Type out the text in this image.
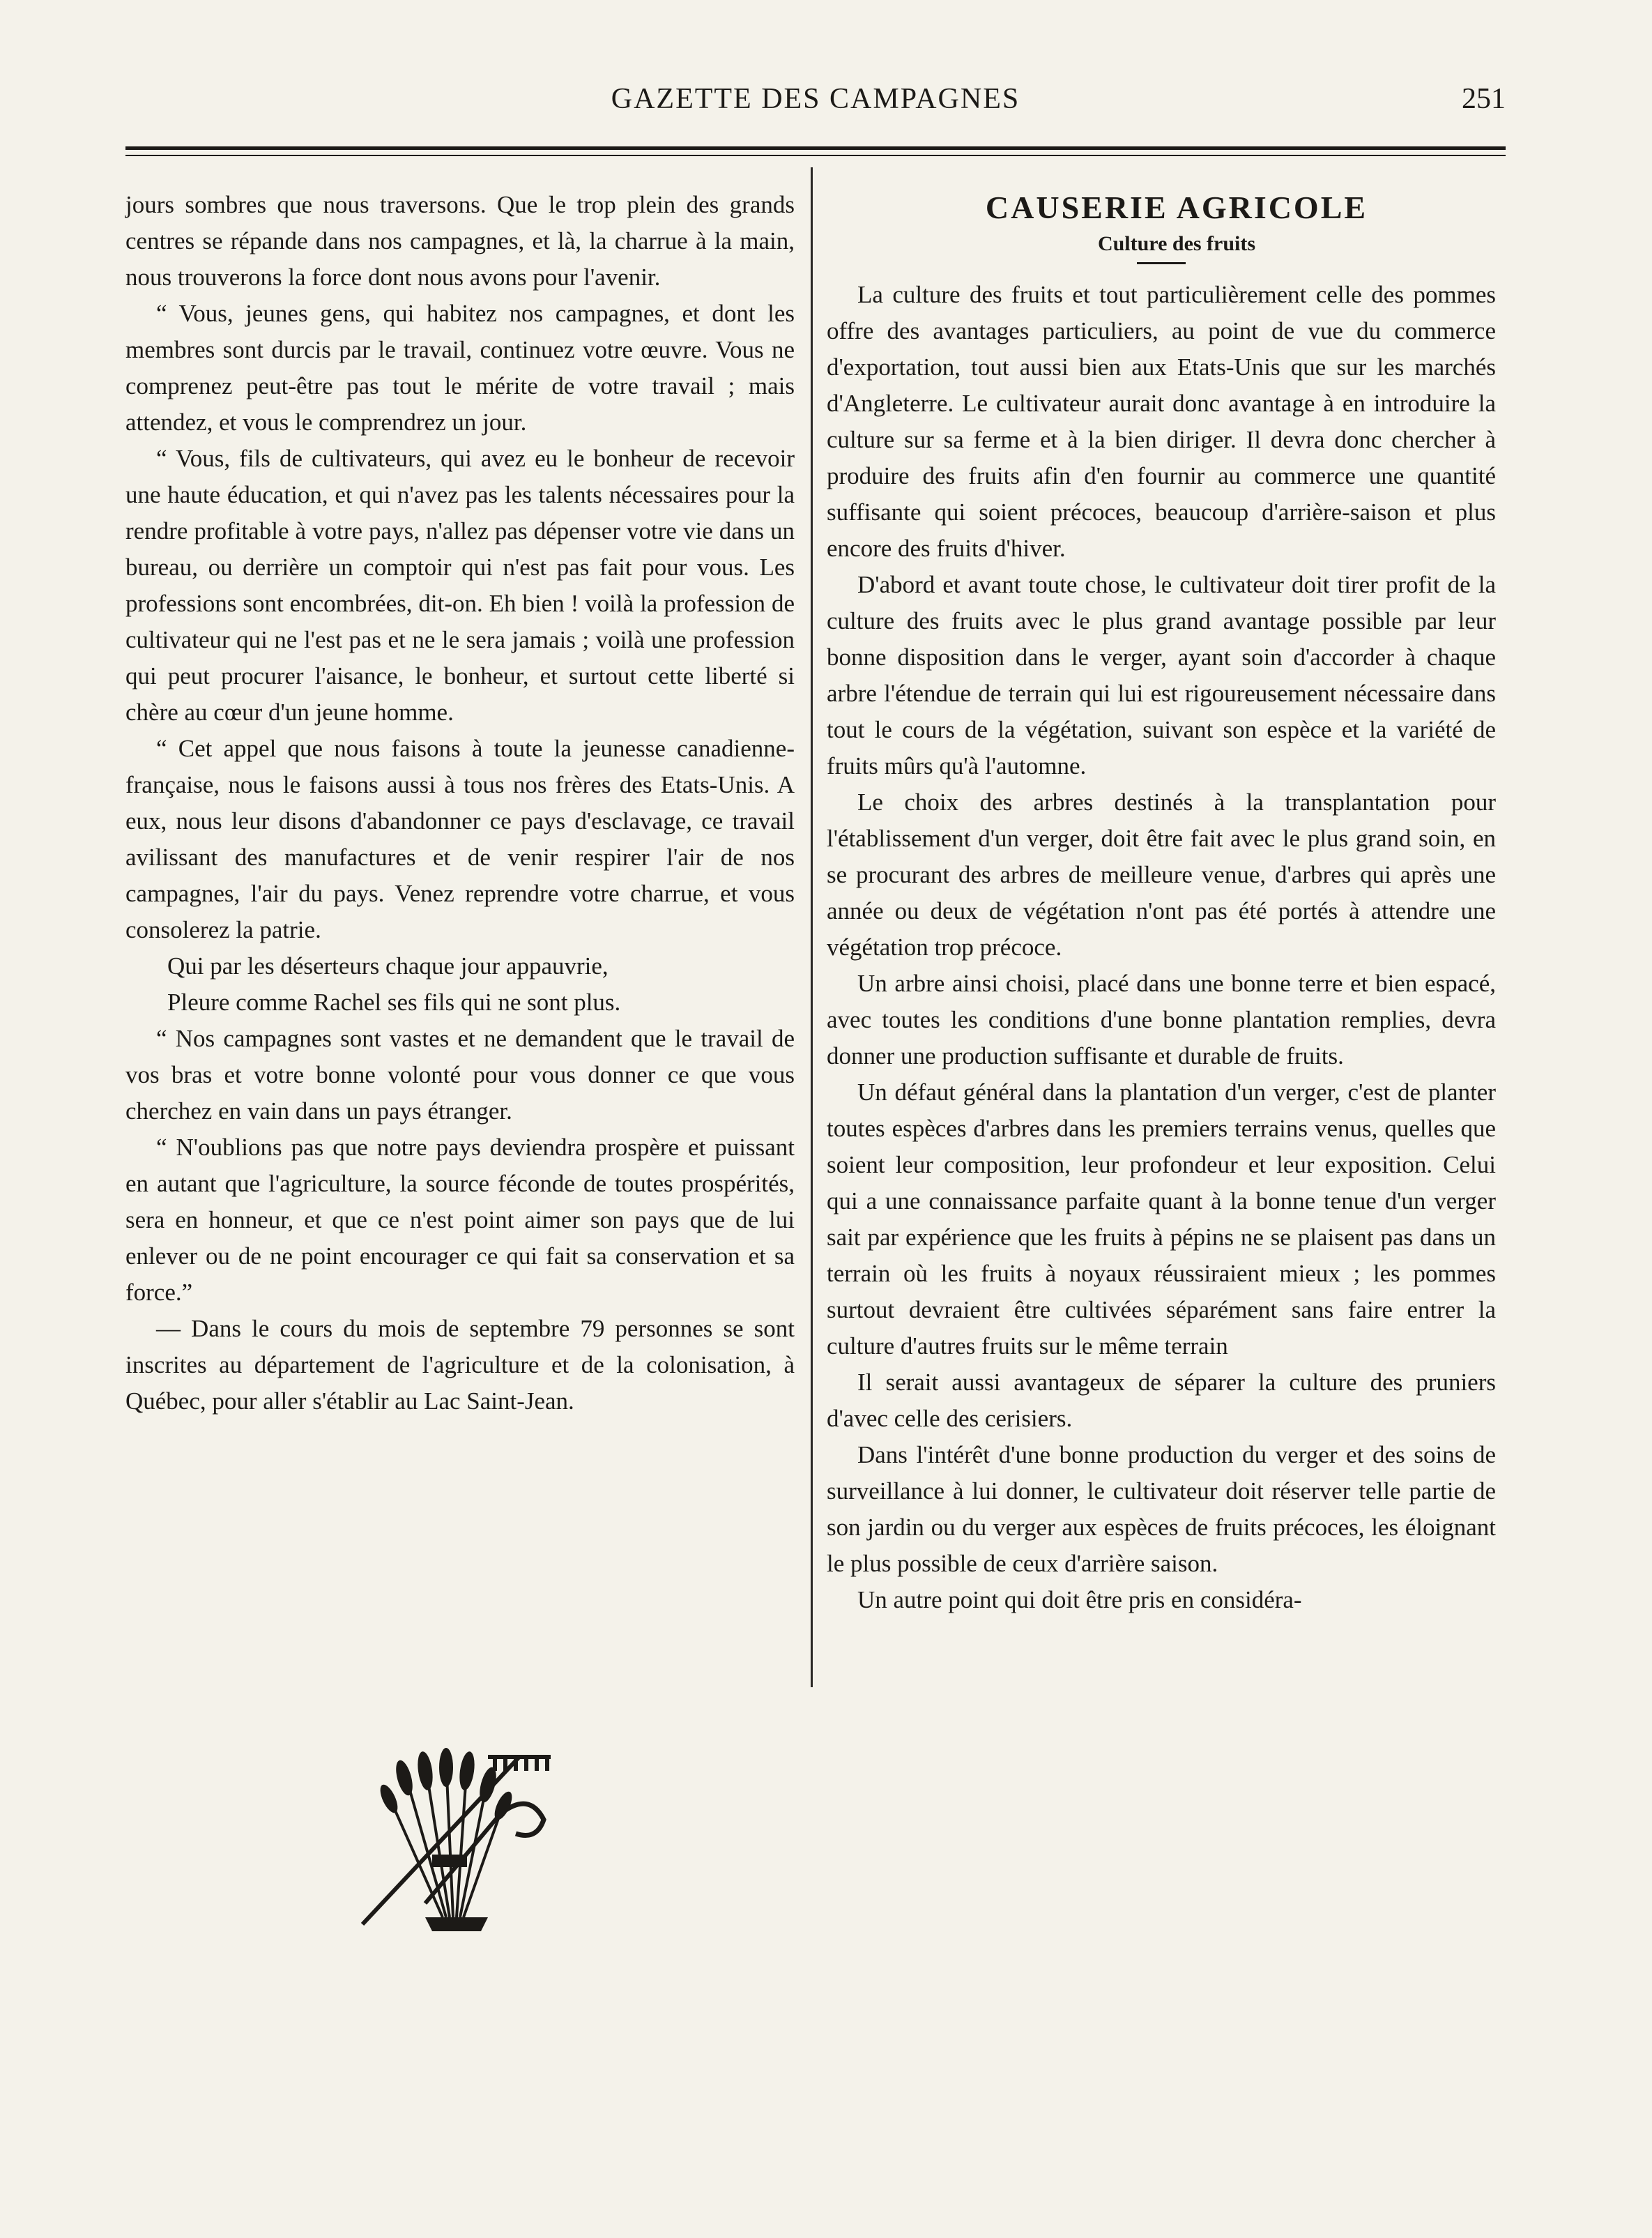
GAZETTE DES CAMPAGNES	251

jours sombres que nous traversons. Que le trop plein des grands centres se répande dans nos campagnes, et là, la charrue à la main, nous trouverons la force dont nous avons pour l'avenir.

“ Vous, jeunes gens, qui habitez nos campagnes, et dont les membres sont durcis par le travail, continuez votre œuvre. Vous ne comprenez peut-être pas tout le mérite de votre travail ; mais attendez, et vous le comprendrez un jour.

“ Vous, fils de cultivateurs, qui avez eu le bonheur de recevoir une haute éducation, et qui n'avez pas les talents nécessaires pour la rendre profitable à votre pays, n'allez pas dépenser votre vie dans un bureau, ou derrière un comptoir qui n'est pas fait pour vous. Les professions sont encombrées, dit-on. Eh bien ! voilà la profession de cultivateur qui ne l'est pas et ne le sera jamais ; voilà une profession qui peut procurer l'aisance, le bonheur, et surtout cette liberté si chère au cœur d'un jeune homme.

“ Cet appel que nous faisons à toute la jeunesse canadienne-française, nous le faisons aussi à tous nos frères des Etats-Unis. A eux, nous leur disons d'abandonner ce pays d'esclavage, ce travail avilissant des manufactures et de venir respirer l'air de nos campagnes, l'air du pays. Venez reprendre votre charrue, et vous consolerez la patrie.

Qui par les déserteurs chaque jour appauvrie,

Pleure comme Rachel ses fils qui ne sont plus.

“ Nos campagnes sont vastes et ne demandent que le travail de vos bras et votre bonne volonté pour vous donner ce que vous cherchez en vain dans un pays étranger.

“ N'oublions pas que notre pays deviendra prospère et puissant en autant que l'agriculture, la source féconde de toutes prospérités, sera en honneur, et que ce n'est point aimer son pays que de lui enlever ou de ne point encourager ce qui fait sa conservation et sa force.”

— Dans le cours du mois de septembre 79 personnes se sont inscrites au département de l'agriculture et de la colonisation, à Québec, pour aller s'établir au Lac Saint-Jean.

CAUSERIE AGRICOLE

Culture des fruits

La culture des fruits et tout particulièrement celle des pommes offre des avantages particuliers, au point de vue du commerce d'exportation, tout aussi bien aux Etats-Unis que sur les marchés d'Angleterre. Le cultivateur aurait donc avantage à en introduire la culture sur sa ferme et à la bien diriger. Il devra donc chercher à produire des fruits afin d'en fournir au commerce une quantité suffisante qui soient précoces, beaucoup d'arrière-saison et plus encore des fruits d'hiver.

D'abord et avant toute chose, le cultivateur doit tirer profit de la culture des fruits avec le plus grand avantage possible par leur bonne disposition dans le verger, ayant soin d'accorder à chaque arbre l'étendue de terrain qui lui est rigoureusement nécessaire dans tout le cours de la végétation, suivant son espèce et la variété de fruits mûrs qu'à l'automne.

Le choix des arbres destinés à la transplantation pour l'établissement d'un verger, doit être fait avec le plus grand soin, en se procurant des arbres de meilleure venue, d'arbres qui après une année ou deux de végétation n'ont pas été portés à attendre une végétation trop précoce.

Un arbre ainsi choisi, placé dans une bonne terre et bien espacé, avec toutes les conditions d'une bonne plantation remplies, devra donner une production suffisante et durable de fruits.

Un défaut général dans la plantation d'un verger, c'est de planter toutes espèces d'arbres dans les premiers terrains venus, quelles que soient leur composition, leur profondeur et leur exposition. Celui qui a une connaissance parfaite quant à la bonne tenue d'un verger sait par expérience que les fruits à pépins ne se plaisent pas dans un terrain où les fruits à noyaux réussiraient mieux ; les pommes surtout devraient être cultivées séparément sans faire entrer la culture d'autres fruits sur le même terrain

Il serait aussi avantageux de séparer la culture des pruniers d'avec celle des cerisiers.

Dans l'intérêt d'une bonne production du verger et des soins de surveillance à lui donner, le cultivateur doit réserver telle partie de son jardin ou du verger aux espèces de fruits précoces, les éloignant le plus possible de ceux d'arrière saison.

Un autre point qui doit être pris en considéra-
